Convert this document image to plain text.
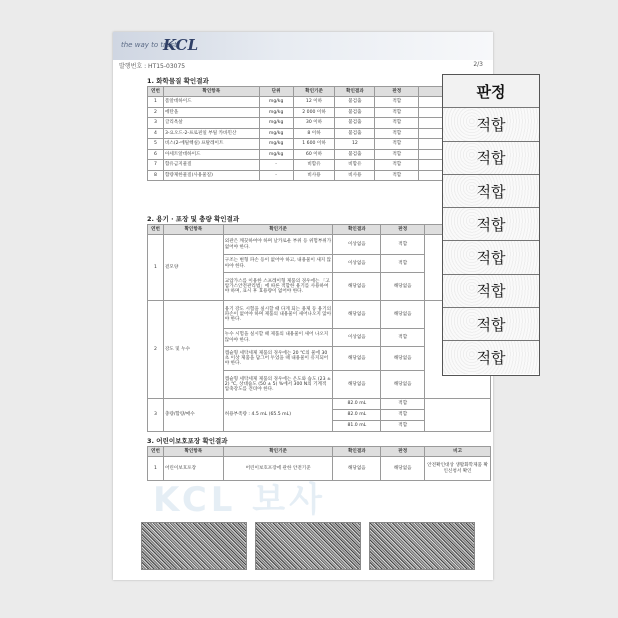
the way to trust
KCL
발행번호 : HT15-03075	2/3
1. 화학물질 확인결과
연번	확인항목	단위	확인기준	확인결과	판정	
1	폼알데하이드	mg/kg	12 이하	불검출	적합	
2	에탄올	mg/kg	2 000 이하	불검출	적합	
3	글리옥살	mg/kg	30 이하	불검출	적합	
4	3-요오드-2-프로핀일 부틸 카바민산	mg/kg	8 이하	불검출	적합	
5	비스(2-에틸헥실) 프탈레이트	mg/kg	1 600 이하	12	적합	
6	아세트알데하이드	mg/kg	60 이하	불검출	적합	
7	함유금지물질	-	비함유	비함유	적합	
8	함량제한물질(사용물질)	-	비사용	비사용	적합	
2. 용기 · 포장 및 충량 확인결과
연번	확인항목	확인기준	확인결과	판정	
1	겉모양	외관은 깨끗하여야 하며 날카로운 부위 등 위험부위가 없어야 한다.	이상없음	적합	
		구조는 변형 파손 등이 없어야 하고, 내용물이 새지 않아야 한다.	이상없음	적합	
		교압가스를 이용한 스프레이형 제품의 경우에는 「고압가스안전관리법」에 따른 적합한 용기를 사용하여야 하며, 표시 후 효용량이 없어야 한다.	해당없음	해당없음	
2	강도 및 누수	용기 강도 시험을 실시할 때 다게 되는 용제 등 용기의 파손이 없어야 하며 제품의 내용물이 새어나오지 않아야 한다.	해당없음	해당없음	
		누수 시험을 실시할 때 제품의 내용물이 새어 나오지 않아야 한다.	이상없음	적합	
		캡슐형 세탁세제 제품의 경우에는 20 ℃의 물에 30초 이상 제품을 담그어 두었을 때 내용물이 유지되어야 한다.	해당없음	해당없음	
		캡슐형 세탁세제 제품의 경우에는 온도와 습도 (23 ± 2) ℃, 상대습도 (50 ± 5) %에서 300 N의 기계적 압축강도를 견뎌야 한다.	해당없음	해당없음	
3	충량/함량/매수	허용부족량 : 4.5 mL (65.5 mL)	82.0 mL	적합	
			82.0 mL	적합	
			81.0 mL	적합	
3. 어린이보호포장 확인결과
연번	확인항목	확인기준	확인결과	판정	비고
1	어린이보호포장	어린이보호포장에 관한 안전기준	해당없음	해당없음	안전확인대상 생활화학제품 확인신청서 확인
KCL 보사
판정
적합
적합
적합
적합
적합
적합
적합
적합
